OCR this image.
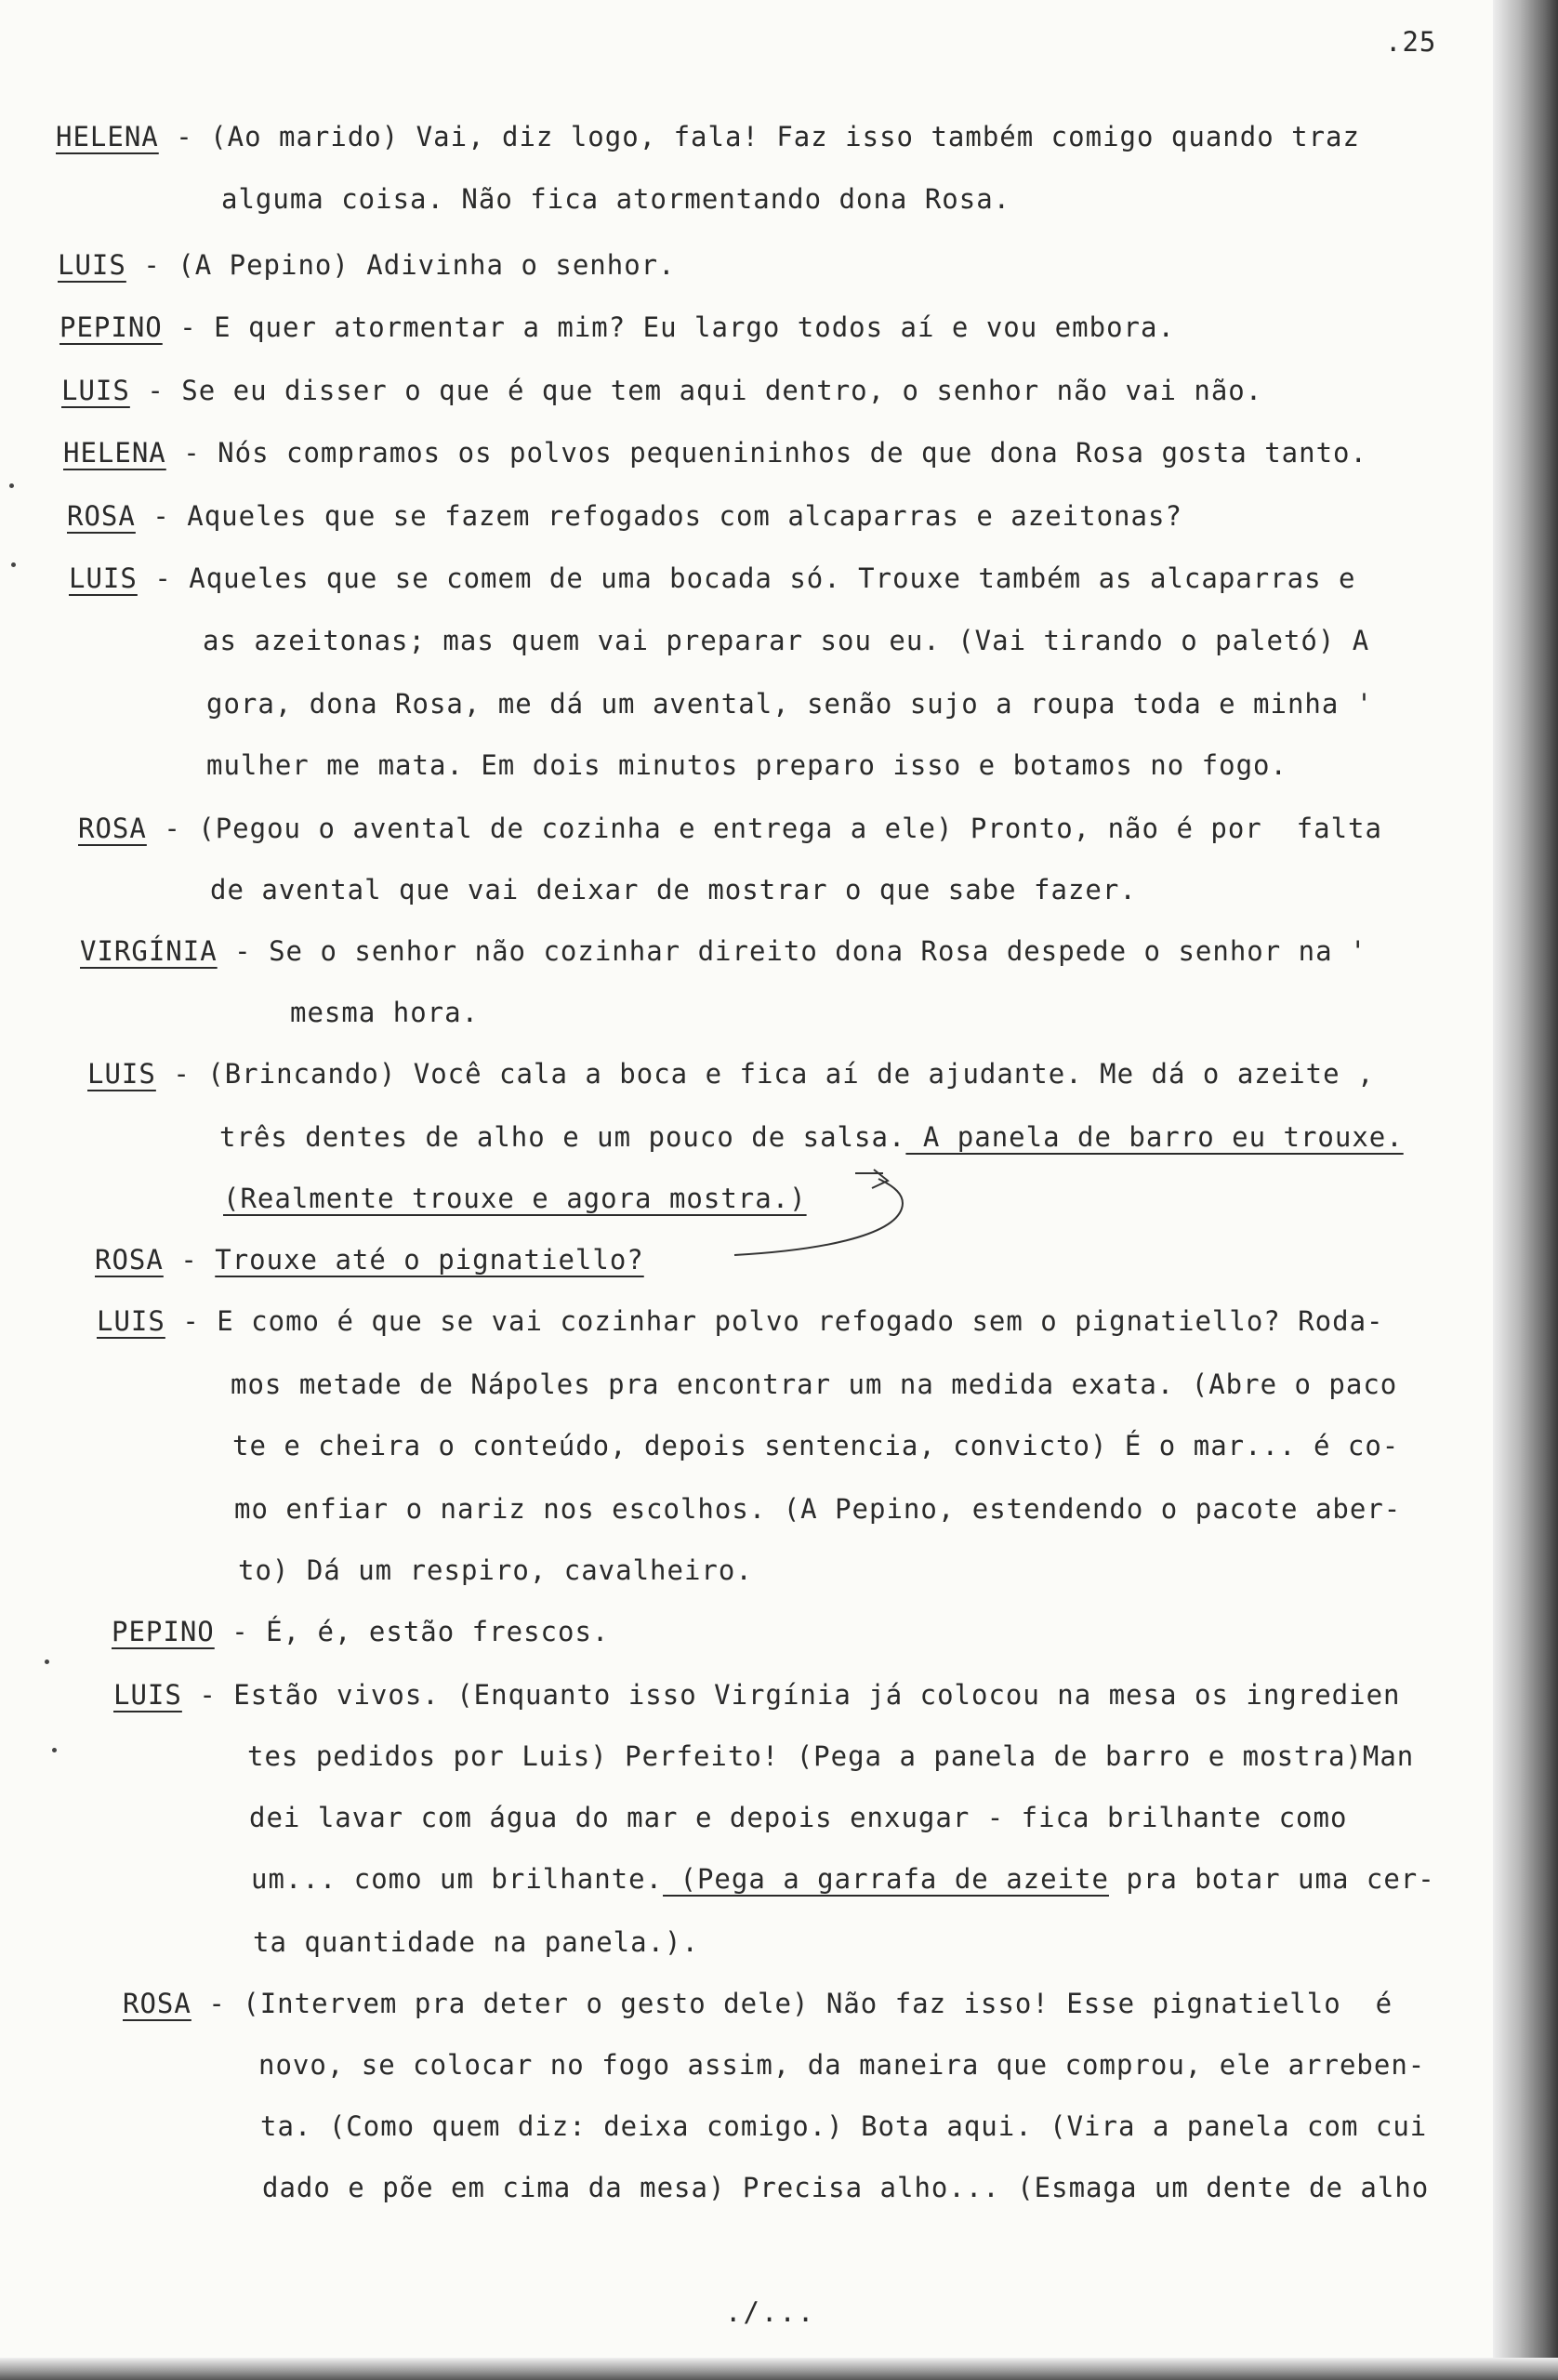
.25
HELENA - (Ao marido) Vai, diz logo, fala! Faz isso também comigo quando traz
alguma coisa. Não fica atormentando dona Rosa.
LUIS - (A Pepino) Adivinha o senhor.
PEPINO - E quer atormentar a mim? Eu largo todos aí e vou embora.
LUIS - Se eu disser o que é que tem aqui dentro, o senhor não vai não.
HELENA - Nós compramos os polvos pequenininhos de que dona Rosa gosta tanto.
ROSA - Aqueles que se fazem refogados com alcaparras e azeitonas?
LUIS - Aqueles que se comem de uma bocada só. Trouxe também as alcaparras e
as azeitonas; mas quem vai preparar sou eu. (Vai tirando o paletó) A
gora, dona Rosa, me dá um avental, senão sujo a roupa toda e minha '
mulher me mata. Em dois minutos preparo isso e botamos no fogo.
ROSA - (Pegou o avental de cozinha e entrega a ele) Pronto, não é por  falta
de avental que vai deixar de mostrar o que sabe fazer.
VIRGÍNIA - Se o senhor não cozinhar direito dona Rosa despede o senhor na '
mesma hora.
LUIS - (Brincando) Você cala a boca e fica aí de ajudante. Me dá o azeite ,
três dentes de alho e um pouco de salsa. A panela de barro eu trouxe.
(Realmente trouxe e agora mostra.)
ROSA - Trouxe até o pignatiello?
LUIS - E como é que se vai cozinhar polvo refogado sem o pignatiello? Roda-
mos metade de Nápoles pra encontrar um na medida exata. (Abre o paco
te e cheira o conteúdo, depois sentencia, convicto) É o mar... é co-
mo enfiar o nariz nos escolhos. (A Pepino, estendendo o pacote aber-
to) Dá um respiro, cavalheiro.
PEPINO - É, é, estão frescos.
LUIS - Estão vivos. (Enquanto isso Virgínia já colocou na mesa os ingredien
tes pedidos por Luis) Perfeito! (Pega a panela de barro e mostra)Man
dei lavar com água do mar e depois enxugar - fica brilhante como
um... como um brilhante. (Pega a garrafa de azeite pra botar uma cer-
ta quantidade na panela.).
ROSA - (Intervem pra deter o gesto dele) Não faz isso! Esse pignatiello  é
novo, se colocar no fogo assim, da maneira que comprou, ele arreben-
ta. (Como quem diz: deixa comigo.) Bota aqui. (Vira a panela com cui
dado e põe em cima da mesa) Precisa alho... (Esmaga um dente de alho
./...
